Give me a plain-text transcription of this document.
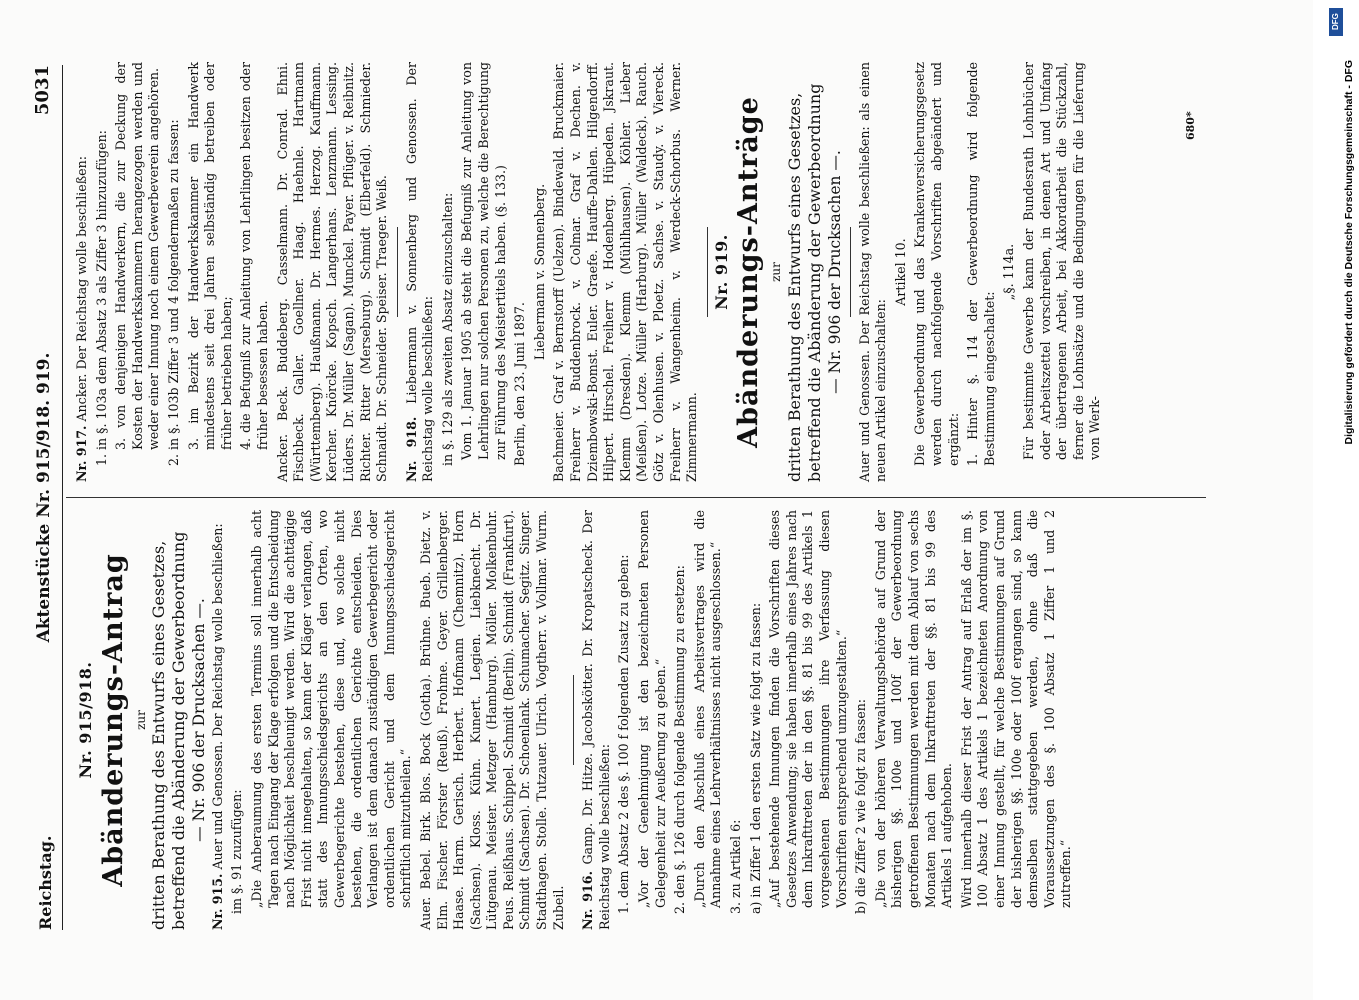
Reichstag.
Aktenstücke Nr. 915/918. 919.
5031
Nr. 915/918. Abänderungs-Antrag zur dritten Berathung des Entwurfs eines Gesetzes, betreffend die Abänderung der Gewerbeordnung — Nr. 906 der Drucksachen —.

Nr. 915. Auer und Genossen. Der Reichstag wolle beschließen: im §. 91 zuzufügen: „Die Anberaumung des ersten Termins soll innerhalb acht Tagen nach Eingang der Klage erfolgen und die Entscheidung nach Möglichkeit beschleunigt werden. Wird die achttägige Frist nicht innegehalten, so kann der Kläger verlangen, daß statt des Innungsschiedsgerichts an den Orten, wo Gewerbegerichte bestehen, diese und, wo solche nicht bestehen, die ordentlichen Gerichte entscheiden. Dies Verlangen ist dem danach zuständigen Gewerbegericht oder ordentlichen Gericht und dem Innungsschiedsgericht schriftlich mitzutheilen.“ Auer. Bebel. Birk. Blos. Bock (Gotha). Brühne. Bueb. Dietz. v. Elm. Fischer. Förster (Reuß). Frohme. Geyer. Grillenberger. Haase. Harm. Gerisch. Herbert. Hofmann (Chemnitz). Horn (Sachsen). Kloss. Kühn. Kunert. Legien. Liebknecht. Dr. Lütgenau. Meister. Metzger (Hamburg). Möller. Molkenbuhr. Peus. Reißhaus. Schippel. Schmidt (Berlin). Schmidt (Frankfurt). Schmidt (Sachsen). Dr. Schoenlank. Schumacher. Segitz. Singer. Stadthagen. Stolle. Tutzauer. Ulrich. Vogtherr. v. Vollmar. Wurm. Zubeil. Nr. 916. Gamp. Dr. Hitze. Jacobskötter. Dr. Kropatscheck. Der Reichstag wolle beschließen: 1. dem Absatz 2 des §. 100 f folgenden Zusatz zu geben: „Vor der Genehmigung ist den bezeichneten Personen Gelegenheit zur Aeußerung zu geben.“ 2. den §. 126 durch folgende Bestimmung zu ersetzen: „Durch den Abschluß eines Arbeitsvertrages wird die Annahme eines Lehrverhältnisses nicht ausgeschlossen.“ 3. zu Artikel 6: a) in Ziffer 1 den ersten Satz wie folgt zu fassen: „Auf bestehende Innungen finden die Vorschriften dieses Gesetzes Anwendung; sie haben innerhalb eines Jahres nach dem Inkrafttreten der in den §§. 81 bis 99 des Artikels 1 vorgesehenen Bestimmungen ihre Verfassung diesen Vorschriften entsprechend umzugestalten.“ b) die Ziffer 2 wie folgt zu fassen: „Die von der höheren Verwaltungsbehörde auf Grund der bisherigen §§. 100e und 100f der Gewerbeordnung getroffenen Bestimmungen werden mit dem Ablauf von sechs Monaten nach dem Inkrafttreten der §§. 81 bis 99 des Artikels 1 aufgehoben. Wird innerhalb dieser Frist der Antrag auf Erlaß der im §. 100 Absatz 1 des Artikels 1 bezeichneten Anordnung von einer Innung gestellt, für welche Bestimmungen auf Grund der bisherigen §§. 100e oder 100f ergangen sind, so kann demselben stattgegeben werden, ohne daß die Voraussetzungen des §. 100 Absatz 1 Ziffer 1 und 2 zutreffen.“

Nr. 917. Ancker. Der Reichstag wolle beschließen: 1. in §. 103a dem Absatz 3 als Ziffer 3 hinzuzufügen: 3. von denjenigen Handwerkern, die zur Deckung der Kosten der Handwerkskammern herangezogen werden und weder einer Innung noch einem Gewerbeverein angehören. 2. in §. 103b Ziffer 3 und 4 folgendermaßen zu fassen: 3. im Bezirk der Handwerkskammer ein Handwerk mindestens seit drei Jahren selbständig betreiben oder früher betrieben haben; 4. die Befugniß zur Anleitung von Lehrlingen besitzen oder früher besessen haben. Ancker. Beck. Buddeberg. Casselmann. Dr. Conrad. Ehni. Fischbeck. Galler. Goellner. Haag. Haehnle. Hartmann (Württemberg). Haußmann. Dr. Hermes. Herzog. Kauffmann. Kercher. Knörcke. Kopsch. Langerhans. Lenzmann. Lessing. Lüders. Dr. Müller (Sagan). Munckel. Payer. Pflüger. v. Reibnitz. Richter. Ritter (Merseburg). Schmidt (Elberfeld). Schmieder. Schnaidt. Dr. Schneider. Speiser. Traeger. Weiß. Nr. 918. Liebermann v. Sonnenberg und Genossen. Der Reichstag wolle beschließen: in §. 129 als zweiten Absatz einzuschalten: Vom 1. Januar 1905 ab steht die Befugniß zur Anleitung von Lehrlingen nur solchen Personen zu, welche die Berechtigung zur Führung des Meistertitels haben. (§. 133.) Berlin, den 23. Juni 1897.

Liebermann v. Sonnenberg. Bachmeier. Graf v. Bernstorff (Uelzen). Bindewald. Bruckmaier. Freiherr v. Buddenbrock. v. Colmar. Graf v. Dechen. v. Dziembowski-Bomst. Euler. Graefe. Hauffe-Dahlen. Hilgendorff. Hilpert. Hirschel. Freiherr v. Hodenberg. Hüpeden. Jskraut. Klemm (Dresden). Klemm (Mühlhausen). Köhler. Lieber (Meißen). Lotze. Müller (Harburg). Müller (Waldeck). Rauch. Götz v. Olenhusen. v. Ploetz. Sachse. v. Staudy. v. Viereck. Freiherr v. Wangenheim. v. Werdeck-Schorbus. Werner. Zimmermann.

Nr. 919. Abänderungs-Anträge zur dritten Berathung des Entwurfs eines Gesetzes, betreffend die Abänderung der Gewerbeordnung — Nr. 906 der Drucksachen —. Auer und Genossen. Der Reichstag wolle beschließen: als einen neuen Artikel einzuschalten:

Artikel 10. Die Gewerbeordnung und das Krankenversicherungsgesetz werden durch nachfolgende Vorschriften abgeändert und ergänzt: 1. Hinter §. 114 der Gewerbeordnung wird folgende Bestimmung eingeschaltet:

„§. 114a. Für bestimmte Gewerbe kann der Bundesrath Lohnbücher oder Arbeitszettel vorschreiben, in denen Art und Umfang der übertragenen Arbeit, bei Akkordarbeit die Stückzahl, ferner die Lohnsätze und die Bedingungen für die Lieferung von Werk-

680*
DFG
Digitalisierung gefördert durch die Deutsche Forschungsgemeinschaft - DFG
